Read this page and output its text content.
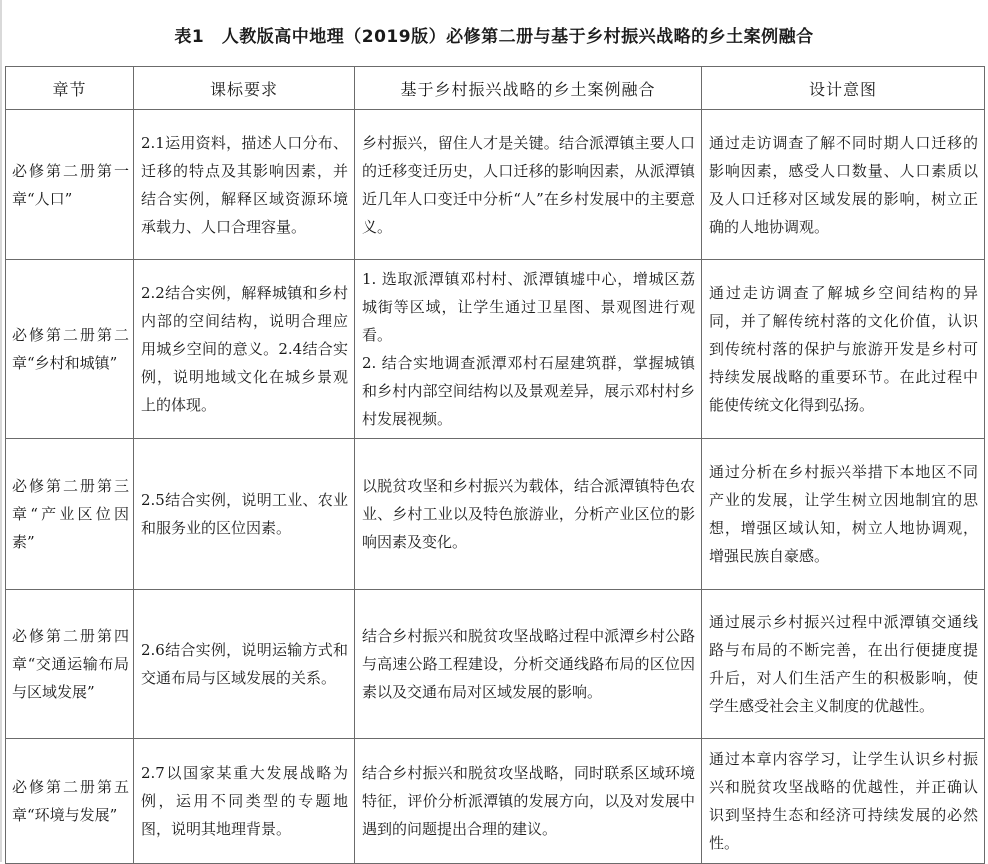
表1　人教版高中地理（2019版）必修第二册与基于乡村振兴战略的乡土案例融合
章节	课标要求	基于乡村振兴战略的乡土案例融合	设计意图
必修第二册第一章“人口”	2.1运用资料，描述人口分布、迁移的特点及其影响因素，并结合实例，解释区域资源环境承载力、人口合理容量。	乡村振兴，留住人才是关键。结合派潭镇主要人口的迁移变迁历史，人口迁移的影响因素，从派潭镇近几年人口变迁中分析“人”在乡村发展中的主要意义。	通过走访调查了解不同时期人口迁移的影响因素，感受人口数量、人口素质以及人口迁移对区域发展的影响，树立正确的人地协调观。
必修第二册第二章“乡村和城镇”	2.2结合实例，解释城镇和乡村内部的空间结构，说明合理应用城乡空间的意义。2.4结合实例，说明地域文化在城乡景观上的体现。	1. 选取派潭镇邓村村、派潭镇墟中心，增城区荔城街等区域，让学生通过卫星图、景观图进行观看。
2. 结合实地调查派潭邓村石屋建筑群，掌握城镇和乡村内部空间结构以及景观差异，展示邓村村乡村发展视频。	通过走访调查了解城乡空间结构的异同，并了解传统村落的文化价值，认识到传统村落的保护与旅游开发是乡村可持续发展战略的重要环节。在此过程中能使传统文化得到弘扬。
必修第二册第三章“产业区位因素”	2.5结合实例，说明工业、农业和服务业的区位因素。	以脱贫攻坚和乡村振兴为载体，结合派潭镇特色农业、乡村工业以及特色旅游业，分析产业区位的影响因素及变化。	通过分析在乡村振兴举措下本地区不同产业的发展，让学生树立因地制宜的思想，增强区域认知，树立人地协调观，增强民族自豪感。
必修第二册第四章“交通运输布局与区域发展”	2.6结合实例，说明运输方式和交通布局与区域发展的关系。	结合乡村振兴和脱贫攻坚战略过程中派潭乡村公路与高速公路工程建设，分析交通线路布局的区位因素以及交通布局对区域发展的影响。	通过展示乡村振兴过程中派潭镇交通线路与布局的不断完善，在出行便捷度提升后，对人们生活产生的积极影响，使学生感受社会主义制度的优越性。
必修第二册第五章“环境与发展”	2.7以国家某重大发展战略为例，运用不同类型的专题地图，说明其地理背景。	结合乡村振兴和脱贫攻坚战略，同时联系区域环境特征，评价分析派潭镇的发展方向，以及对发展中遇到的问题提出合理的建议。	通过本章内容学习，让学生认识乡村振兴和脱贫攻坚战略的优越性，并正确认识到坚持生态和经济可持续发展的必然性。
